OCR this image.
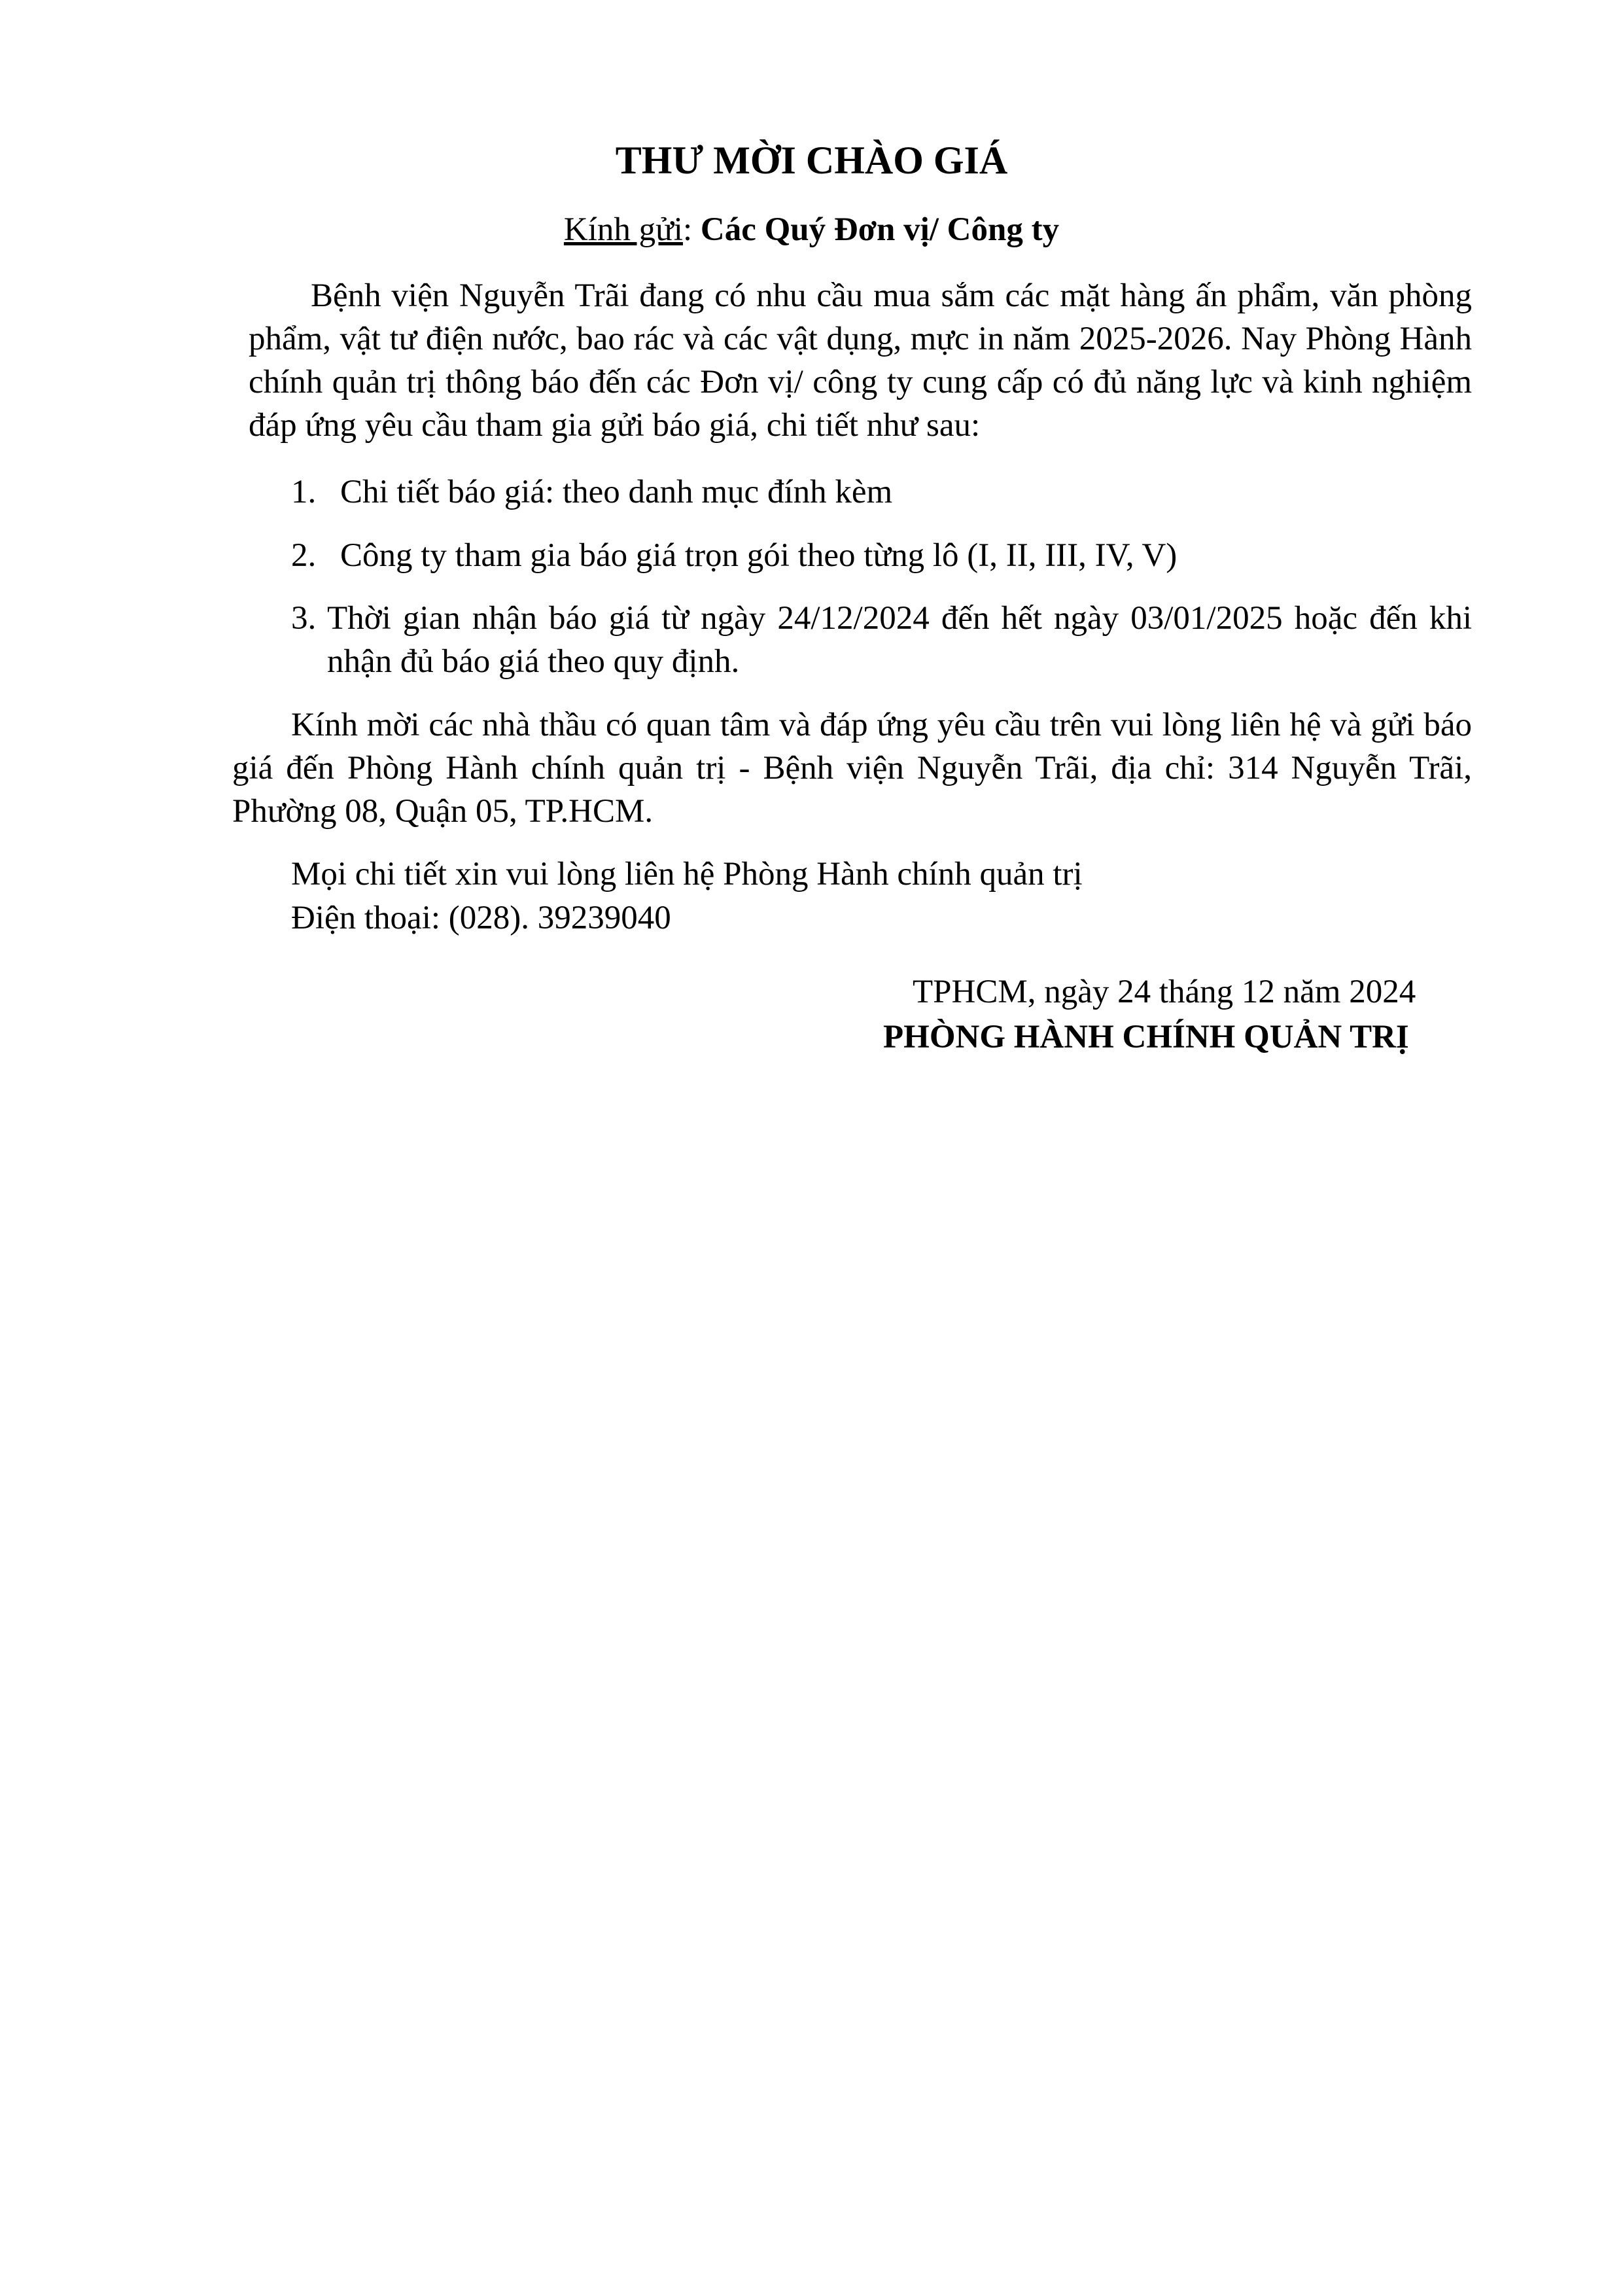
THƯ MỜI CHÀO GIÁ
Kính gửi: Các Quý Đơn vị/ Công ty
Bệnh viện Nguyễn Trãi đang có nhu cầu mua sắm các mặt hàng ấn phẩm, văn phòng phẩm, vật tư điện nước, bao rác và các vật dụng, mực in năm 2025-2026. Nay Phòng Hành chính quản trị thông báo đến các Đơn vị/ công ty cung cấp có đủ năng lực và kinh nghiệm đáp ứng yêu cầu tham gia gửi báo giá, chi tiết như sau:
1. Chi tiết báo giá: theo danh mục đính kèm
2. Công ty tham gia báo giá trọn gói theo từng lô (I, II, III, IV, V)
3. Thời gian nhận báo giá từ ngày 24/12/2024 đến hết ngày 03/01/2025 hoặc đến khi nhận đủ báo giá theo quy định.
Kính mời các nhà thầu có quan tâm và đáp ứng yêu cầu trên vui lòng liên hệ và gửi báo giá đến Phòng Hành chính quản trị - Bệnh viện Nguyễn Trãi, địa chỉ: 314 Nguyễn Trãi, Phường 08, Quận 05, TP.HCM.
Mọi chi tiết xin vui lòng liên hệ Phòng Hành chính quản trị
Điện thoại: (028). 39239040
TPHCM, ngày 24 tháng 12 năm 2024
PHÒNG HÀNH CHÍNH QUẢN TRỊ
